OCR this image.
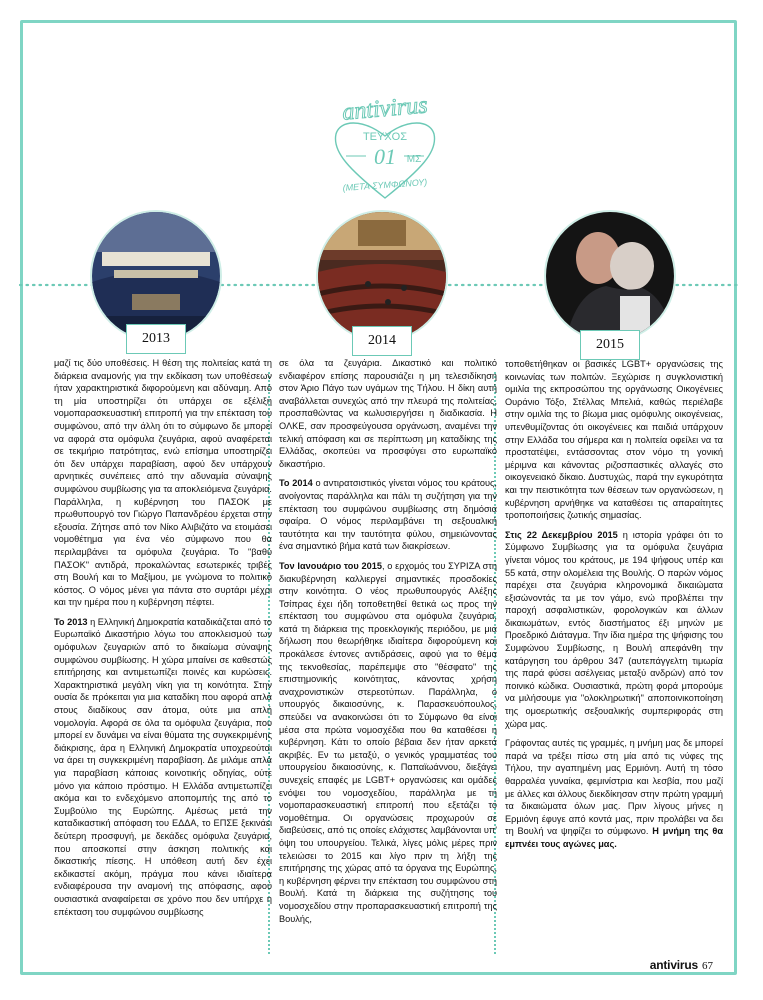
antivirus
ΤΕΥΧΟΣ
01 ΜΣ
(ΜΕΤΑ ΣΥΜΦΩΝΟΥ)
2013	2014	2015

μαζί τις δύο υποθέσεις. Η θέση της πολιτείας κατά τη διάρκεια αναμονής για την εκδίκαση των υποθέσεων ήταν χαρακτηριστικά διφορούμενη και αδύναμη. Από τη μία υποστηρίζει ότι υπάρχει σε εξέλιξη νομοπαρασκευαστική επιτροπή για την επέκταση του συμφώνου, από την άλλη ότι το σύμφωνο δε μπορεί να αφορά στα ομόφυλα ζευγάρια, αφού αναφέρεται σε τεκμήριο πατρότητας, ενώ επίσημα υποστηρίζει ότι δεν υπάρχει παραβίαση, αφού δεν υπάρχουν αρνητικές συνέπειες από την αδυναμία σύναψης συμφώνου συμβίωσης για τα αποκλειόμενα ζευγάρια. Παράλληλα, η κυβέρνηση του ΠΑΣΟΚ με πρωθυπουργό τον Γιώργο Παπανδρέου έρχεται στην εξουσία. Ζήτησε από τον Νίκο Αλιβιζάτο να ετοιμάσει νομοθέτημα για ένα νέο σύμφωνο που θα περιλαμβάνει τα ομόφυλα ζευγάρια. Το "βαθύ ΠΑΣΟΚ" αντιδρά, προκαλώντας εσωτερικές τριβές στη Βουλή και το Μαξίμου, με γνώμονα το πολιτικό κόστος. Ο νόμος μένει για πάντα στο συρτάρι μέχρι και την ημέρα που η κυβέρνηση πέφτει.

Το 2013 η Ελληνική Δημοκρατία καταδικάζεται από το Ευρωπαϊκό Δικαστήριο λόγω του αποκλεισμού των ομόφυλων ζευγαριών από το δικαίωμα σύναψης συμφώνου συμβίωσης. Η χώρα μπαίνει σε καθεστώς επιτήρησης και αντιμετωπίζει ποινές και κυρώσεις. Χαρακτηριστικά μεγάλη νίκη για τη κοινότητα. Στην ουσία δε πρόκειται για μια καταδίκη που αφορά απλά στους διαδίκους σαν άτομα, ούτε μια απλή νομολογία. Αφορά σε όλα τα ομόφυλα ζευγάρια, που μπορεί εν δυνάμει να είναι θύματα της συγκεκριμένης διάκρισης, άρα η Ελληνική Δημοκρατία υποχρεούται να άρει τη συγκεκριμένη παραβίαση. Δε μιλάμε απλά για παραβίαση κάποιας κοινοτικής οδηγίας, ούτε μόνο για κάποιο πρόστιμο. Η Ελλάδα αντιμετωπίζει ακόμα και το ενδεχόμενο αποπομπής της από το Συμβούλιο της Ευρώπης. Αμέσως μετά την καταδικαστική απόφαση του ΕΔΔΑ, το ΕΠΣΕ ξεκινάει δεύτερη προσφυγή, με δεκάδες ομόφυλα ζευγάρια, που αποσκοπεί στην άσκηση πολιτικής και δικαστικής πίεσης. Η υπόθεση αυτή δεν έχει εκδικαστεί ακόμη, πράγμα που κάνει ιδιαίτερα ενδιαφέρουσα την αναμονή της απόφασης, αφού ουσιαστικά αναφαίρεται σε χρόνο που δεν υπήρχε η επέκταση του συμφώνου συμβίωσης

σε όλα τα ζευγάρια. Δικαστικό και πολιτικό ενδιαφέρον επίσης παρουσιάζει η μη τελεσιδίκηση στον Άριο Πάγο των υγάμων της Τήλου. Η δίκη αυτή αναβάλλεται συνεχώς από την πλευρά της πολιτείας, προσπαθώντας να κωλυσιεργήσει η διαδικασία. Η ΟΛΚΕ, σαν προσφεύγουσα οργάνωση, αναμένει την τελική απόφαση και σε περίπτωση μη καταδίκης της Ελλάδας, σκοπεύει να προσφύγει στο ευρωπαϊκό δικαστήριο.

Το 2014 ο αντιρατσιστικός γίνεται νόμος του κράτους, ανοίγοντας παράλληλα και πάλι τη συζήτηση για την επέκταση του συμφώνου συμβίωσης στη δημόσια σφαίρα. Ο νόμος περιλαμβάνει τη σεξουαλική ταυτότητα και την ταυτότητα φύλου, σημειώνοντας ένα σημαντικό βήμα κατά των διακρίσεων.

Τον Ιανουάριο του 2015, ο ερχομός του ΣΥΡΙΖΑ στη διακυβέρνηση καλλιεργεί σημαντικές προσδοκίες στην κοινότητα. Ο νέος πρωθυπουργός Αλέξης Τσίπρας έχει ήδη τοποθετηθεί θετικά ως προς την επέκταση του συμφώνου στα ομόφυλα ζευγάρια, κατά τη διάρκεια της προεκλογικής περιόδου, με μια δήλωση που θεωρήθηκε ιδιαίτερα διφορούμενη και προκάλεσε έντονες αντιδράσεις, αφού για το θέμα της τεκνοθεσίας, παρέπεμψε στο "θέσφατο" της επιστημονικής κοινότητας, κάνοντας χρήση αναχρονιστικών στερεοτύπων. Παράλληλα, ο υπουργός δικαιοσύνης, κ. Παρασκευόπουλος, σπεύδει να ανακοινώσει ότι το Σύμφωνο θα είναι μέσα στα πρώτα νομοσχέδια που θα καταθέσει η κυβέρνηση. Κάτι το οποίο βέβαια δεν ήταν αρκετά ακριβές. Εν τω μεταξύ, ο γενικός γραμματέας του υπουργείου δικαιοσύνης, κ. Παπαϊωάννου, διεξάγει συνεχείς επαφές με LGBT+ οργανώσεις και ομάδες ενόψει του νομοσχεδίου, παράλληλα με τη νομοπαρασκευαστική επιτροπή που εξετάζει το νομοθέτημα. Οι οργανώσεις προχωρούν σε διαβεύσεις, από τις οποίες ελάχιστες λαμβάνονται υπ' όψη του υπουργείου. Τελικά, λίγες μόλις μέρες πριν τελειώσει το 2015 και λίγο πριν τη λήξη της επιτήρησης της χώρας από τα όργανα της Ευρώπης, η κυβέρνηση φέρνει την επέκταση του συμφώνου στη Βουλή. Κατά τη διάρκεια της συζήτησης του νομοσχεδίου στην προπαρασκευαστική επιτροπή της Βουλής,

τοποθετήθηκαν οι βασικές LGBT+ οργανώσεις της κοινωνίας των πολιτών. Ξεχώρισε η συγκλονιστική ομιλία της εκπροσώπου της οργάνωσης Οικογένειες Ουράνιο Τόξο, Στέλλας Μπελιά, καθώς περιέλαβε στην ομιλία της το βίωμα μιας ομόφυλης οικογένειας, υπενθυμίζοντας ότι οικογένειες και παιδιά υπάρχουν στην Ελλάδα του σήμερα και η πολιτεία οφείλει να τα προστατέψει, εντάσσοντας στον νόμο τη γονική μέριμνα και κάνοντας ριζοσπαστικές αλλαγές στο οικογενειακό δίκαιο. Δυστυχώς, παρά την εγκυρότητα και την πειστικότητα των θέσεων των οργανώσεων, η κυβέρνηση αρνήθηκε να καταθέσει τις απαραίτητες τροποποιήσεις ζωτικής σημασίας.

Στις 22 Δεκεμβρίου 2015 η ιστορία γράφει ότι το Σύμφωνο Συμβίωσης για τα ομόφυλα ζευγάρια γίνεται νόμος του κράτους, με 194 ψήφους υπέρ και 55 κατά, στην ολομέλεια της Βουλής. Ο παρών νόμος παρέχει στα ζευγάρια κληρονομικά δικαιώματα εξισώνοντάς τα με τον γάμο, ενώ προβλέπει την παροχή ασφαλιστικών, φορολογικών και άλλων δικαιωμάτων, εντός διαστήματος έξι μηνών με Προεδρικό Διάταγμα. Την ίδια ημέρα της ψήφισης του Συμφώνου Συμβίωσης, η Βουλή απεφάνθη την κατάργηση του άρθρου 347 (αυτεπάγγελτη τιμωρία της παρά φύσει ασέλγειας μεταξύ ανδρών) από τον ποινικό κώδικα. Ουσιαστικά, πρώτη φορά μπορούμε να μιλήσουμε για "ολοκληρωτική" αποποινικοποίηση της ομοερωτικής σεξουαλικής συμπεριφοράς στη χώρα μας.

Γράφοντας αυτές τις γραμμές, η μνήμη μας δε μπορεί παρά να τρέξει πίσω στη μία από τις νύφες της Τήλου, την αγαπημένη μας Ερμιόνη. Αυτή τη τόσο θαρραλέα γυναίκα, φεμινίστρια και λεσβία, που μαζί με άλλες και άλλους διεκδίκησαν στην πρώτη γραμμή τα δικαιώματα όλων μας. Πριν λίγους μήνες η Ερμιόνη έφυγε από κοντά μας, πριν προλάβει να δει τη Βουλή να ψηφίζει το σύμφωνο. Η μνήμη της θα εμπνέει τους αγώνες μας.

antivirus 67
